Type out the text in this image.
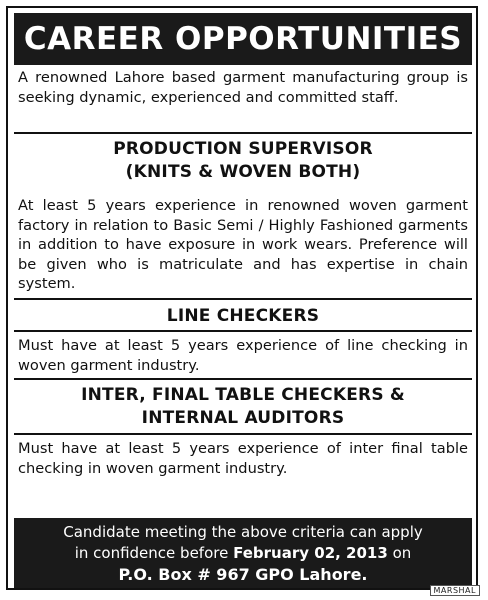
CAREER OPPORTUNITIES

A renowned Lahore based garment manufacturing group is seeking dynamic, experienced and committed staff.

PRODUCTION SUPERVISOR
(KNITS & WOVEN BOTH)

At least 5 years experience in renowned woven garment factory in relation to Basic Semi / Highly Fashioned garments in addition to have exposure in work wears. Preference will be given who is matriculate and has expertise in chain system.

LINE CHECKERS

Must have at least 5 years experience of line checking in woven garment industry.

INTER, FINAL TABLE CHECKERS &
INTERNAL AUDITORS

Must have at least 5 years experience of inter final table checking in woven garment industry.

Candidate meeting the above criteria can apply
in confidence before February 02, 2013 on
P.O. Box # 967 GPO Lahore.
MARSHAL
